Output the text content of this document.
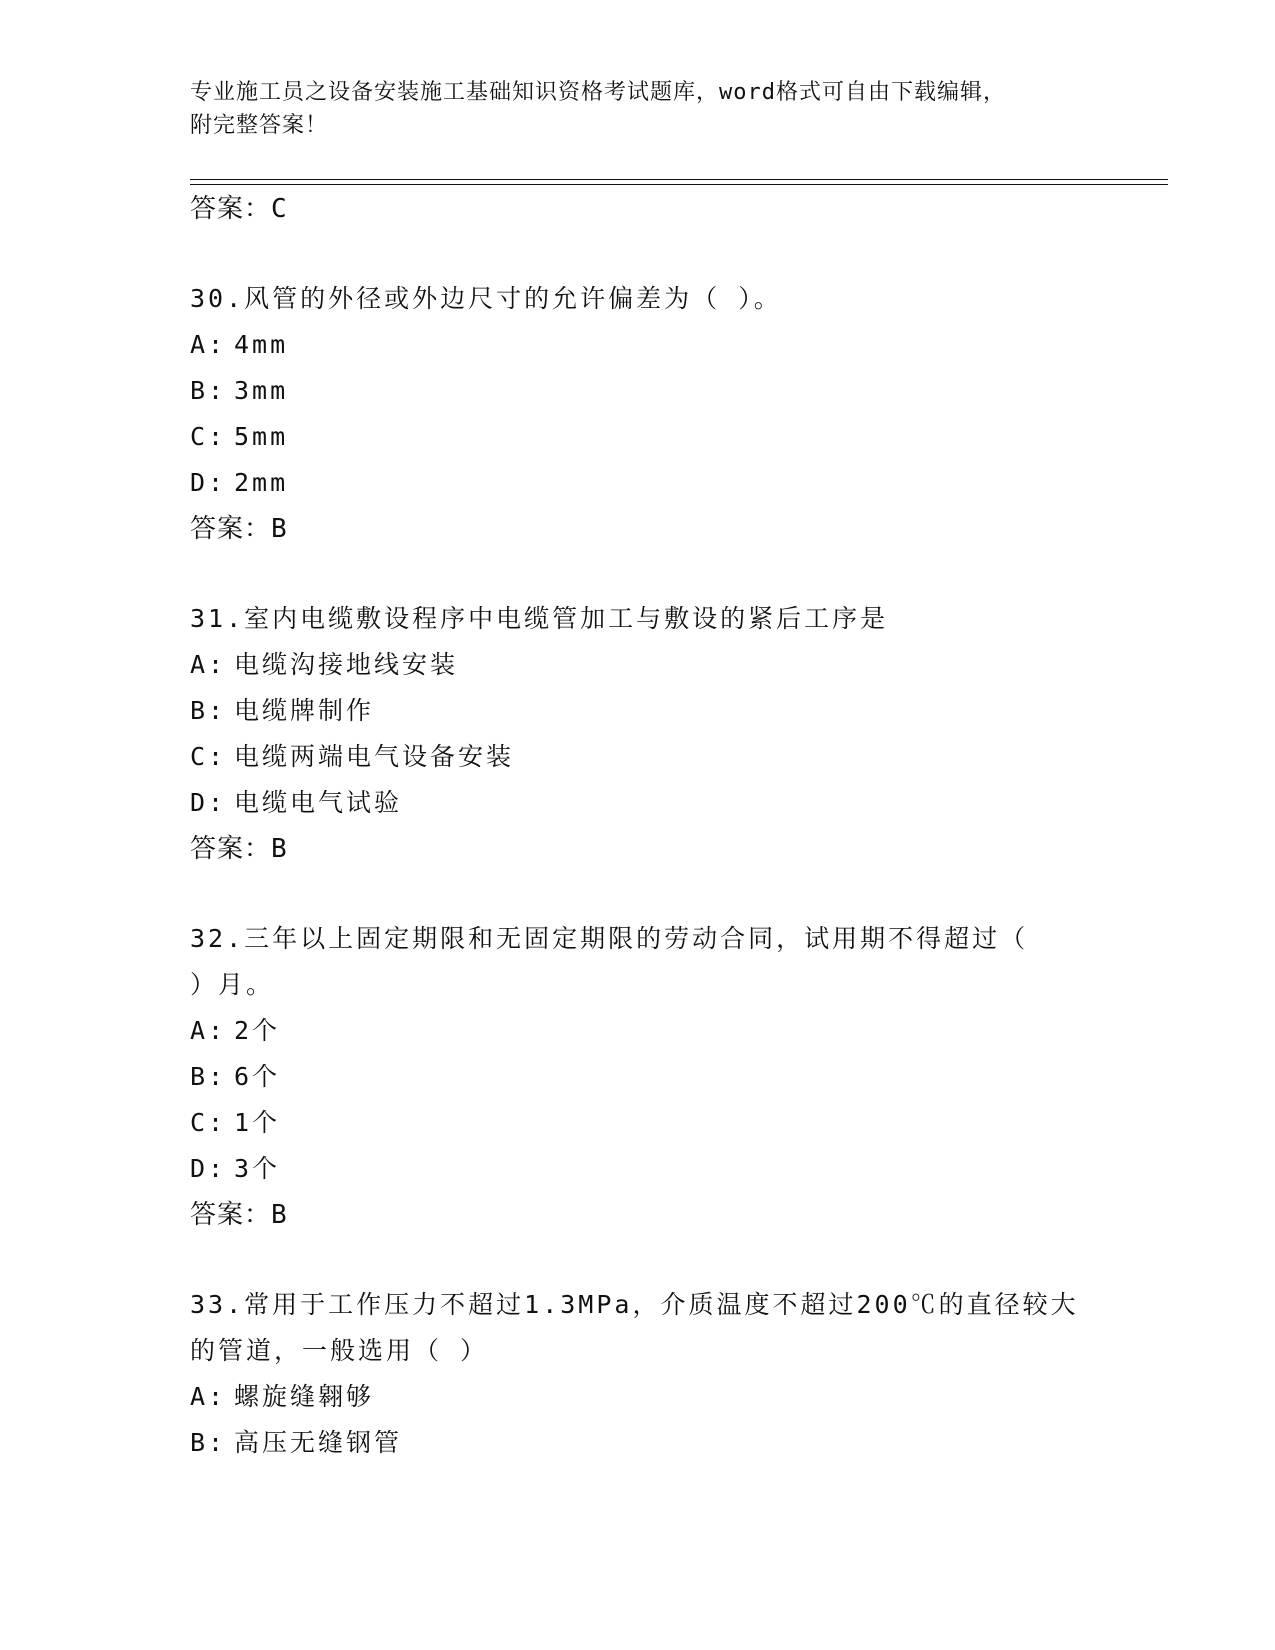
专业施工员之设备安装施工基础知识资格考试题库，word格式可自由下载编辑，
附完整答案！
答案：C
30.风管的外径或外边尺寸的允许偏差为（ ）。
A: 4mm
B: 3mm
C: 5mm
D: 2mm
答案：B
31.室内电缆敷设程序中电缆管加工与敷设的紧后工序是
A: 电缆沟接地线安装
B: 电缆牌制作
C: 电缆两端电气设备安装
D: 电缆电气试验
答案：B
32.三年以上固定期限和无固定期限的劳动合同，试用期不得超过（
）月。
A: 2个
B: 6个
C: 1个
D: 3个
答案：B
33.常用于工作压力不超过1.3MPa，介质温度不超过200℃的直径较大
的管道，一般选用（ ）
A: 螺旋缝翱够
B: 高压无缝钢管
